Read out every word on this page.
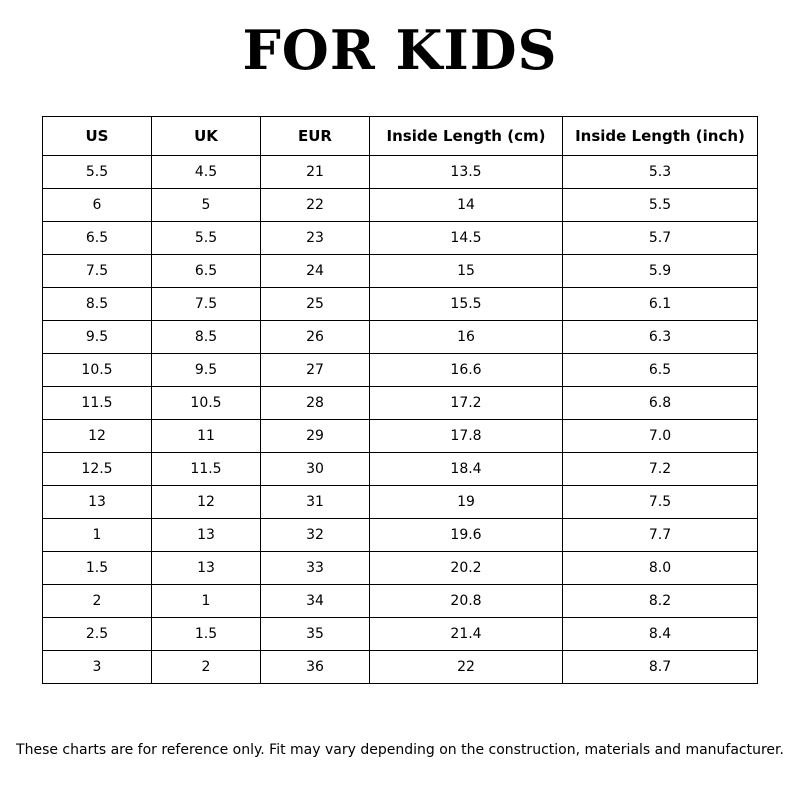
FOR KIDS
US	UK	EUR	Inside Length (cm)	Inside Length (inch)
5.5	4.5	21	13.5	5.3
6	5	22	14	5.5
6.5	5.5	23	14.5	5.7
7.5	6.5	24	15	5.9
8.5	7.5	25	15.5	6.1
9.5	8.5	26	16	6.3
10.5	9.5	27	16.6	6.5
11.5	10.5	28	17.2	6.8
12	11	29	17.8	7.0
12.5	11.5	30	18.4	7.2
13	12	31	19	7.5
1	13	32	19.6	7.7
1.5	13	33	20.2	8.0
2	1	34	20.8	8.2
2.5	1.5	35	21.4	8.4
3	2	36	22	8.7

These charts are for reference only. Fit may vary depending on the construction, materials and manufacturer.
